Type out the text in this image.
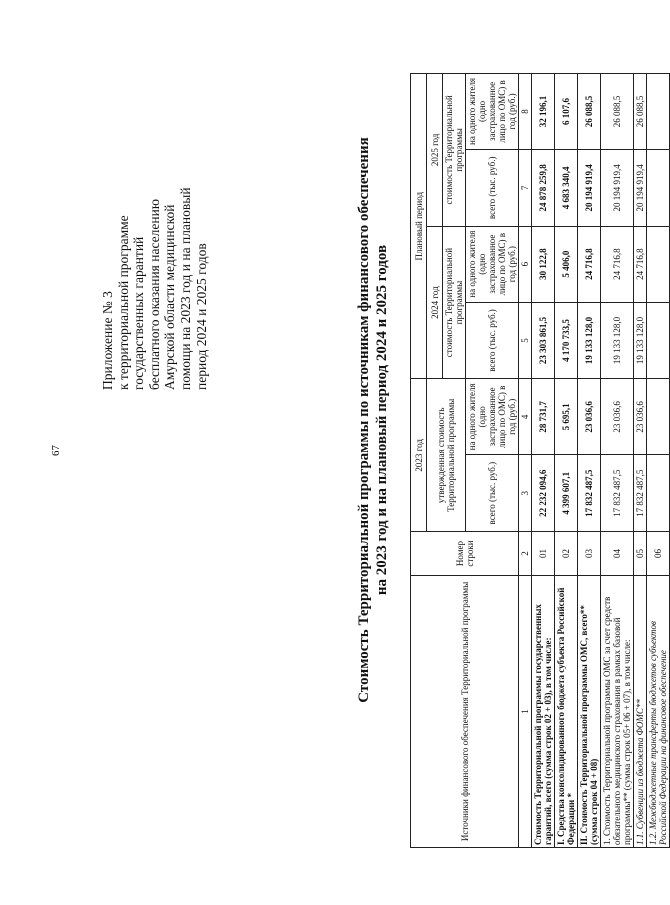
67
Приложение № 3 к территориальной программе государственных гарантий бесплатного оказания населению Амурской области медицинской помощи на 2023 год и на плановый период 2024 и 2025 годов	Стоимость Территориальной программы по источникам финансового обеспечения на 2023 год и на плановый период 2024 и 2025 годов
Источники финансового обеспечения Территориальной программы	Номер строки	2023 год		Плановый период			
		утвержденная стоимость Территориальной программы		2024 год		2025 год	
				стоимость Территориальной программы		стоимость Территориальной программы	
		всего (тыс. руб.)	на одного жителя (одно застрахованное лицо по ОМС) в год (руб.)	всего (тыс. руб.)	на одного жителя (одно застрахованное лицо по ОМС) в год (руб.)	всего (тыс. руб.)	на одного жителя (одно застрахованное лицо по ОМС) в год (руб.)
1	2	3	4	5	6	7	8
Стоимость Территориальной программы государственных гарантий, всего (сумма строк 02 + 03), в том числе:	01	22 232 094,6	28 731,7	23 303 861,5	30 122,8	24 878 259,8	32 196,1
I. Средства консолидированного бюджета субъекта Российской Федерации *	02	4 399 607,1	5 695,1	4 170 733,5	5 406,0	4 683 340,4	6 107,6
II. Стоимость Территориальной программы ОМС, всего** (сумма строк 04 + 08)	03	17 832 487,5	23 036,6	19 133 128,0	24 716,8	20 194 919,4	26 088,5
1. Стоимость Территориальной программы ОМС за счет средств обязательного медицинского страхования в рамках базовой программы** (сумма строк 05+ 06 + 07), в том числе:	04	17 832 487,5	23 036,6	19 133 128,0	24 716,8	20 194 919,4	26 088,5
1.1. Субвенции из бюджета ФОМС**	05	17 832 487,5	23 036,6	19 133 128,0	24 716,8	20 194 919,4	26 088,5
1.2. Межбюджетные трансферты бюджетов субъектов Российской Федерации на финансовое обеспечение	06						
